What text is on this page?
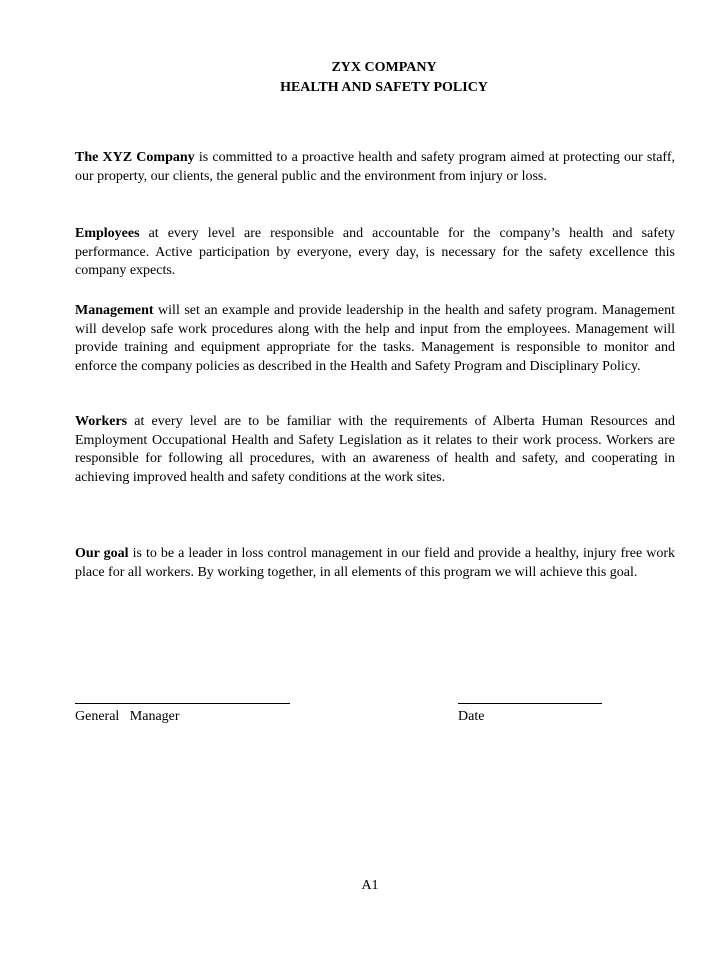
ZYX COMPANY
HEALTH AND SAFETY POLICY

The XYZ Company is committed to a proactive health and safety program aimed at protecting our staff, our property, our clients, the general public and the environment from injury or loss.

Employees at every level are responsible and accountable for the company’s health and safety performance. Active participation by everyone, every day, is necessary for the safety excellence this company expects.

Management will set an example and provide leadership in the health and safety program. Management will develop safe work procedures along with the help and input from the employees. Management will provide training and equipment appropriate for the tasks. Management is responsible to monitor and enforce the company policies as described in the Health and Safety Program and Disciplinary Policy.

Workers at every level are to be familiar with the requirements of Alberta Human Resources and Employment Occupational Health and Safety Legislation as it relates to their work process. Workers are responsible for following all procedures, with an awareness of health and safety, and cooperating in achieving improved health and safety conditions at the work sites.

Our goal is to be a leader in loss control management in our field and provide a healthy, injury free work place for all workers. By working together, in all elements of this program we will achieve this goal.

General   Manager	Date
A1
